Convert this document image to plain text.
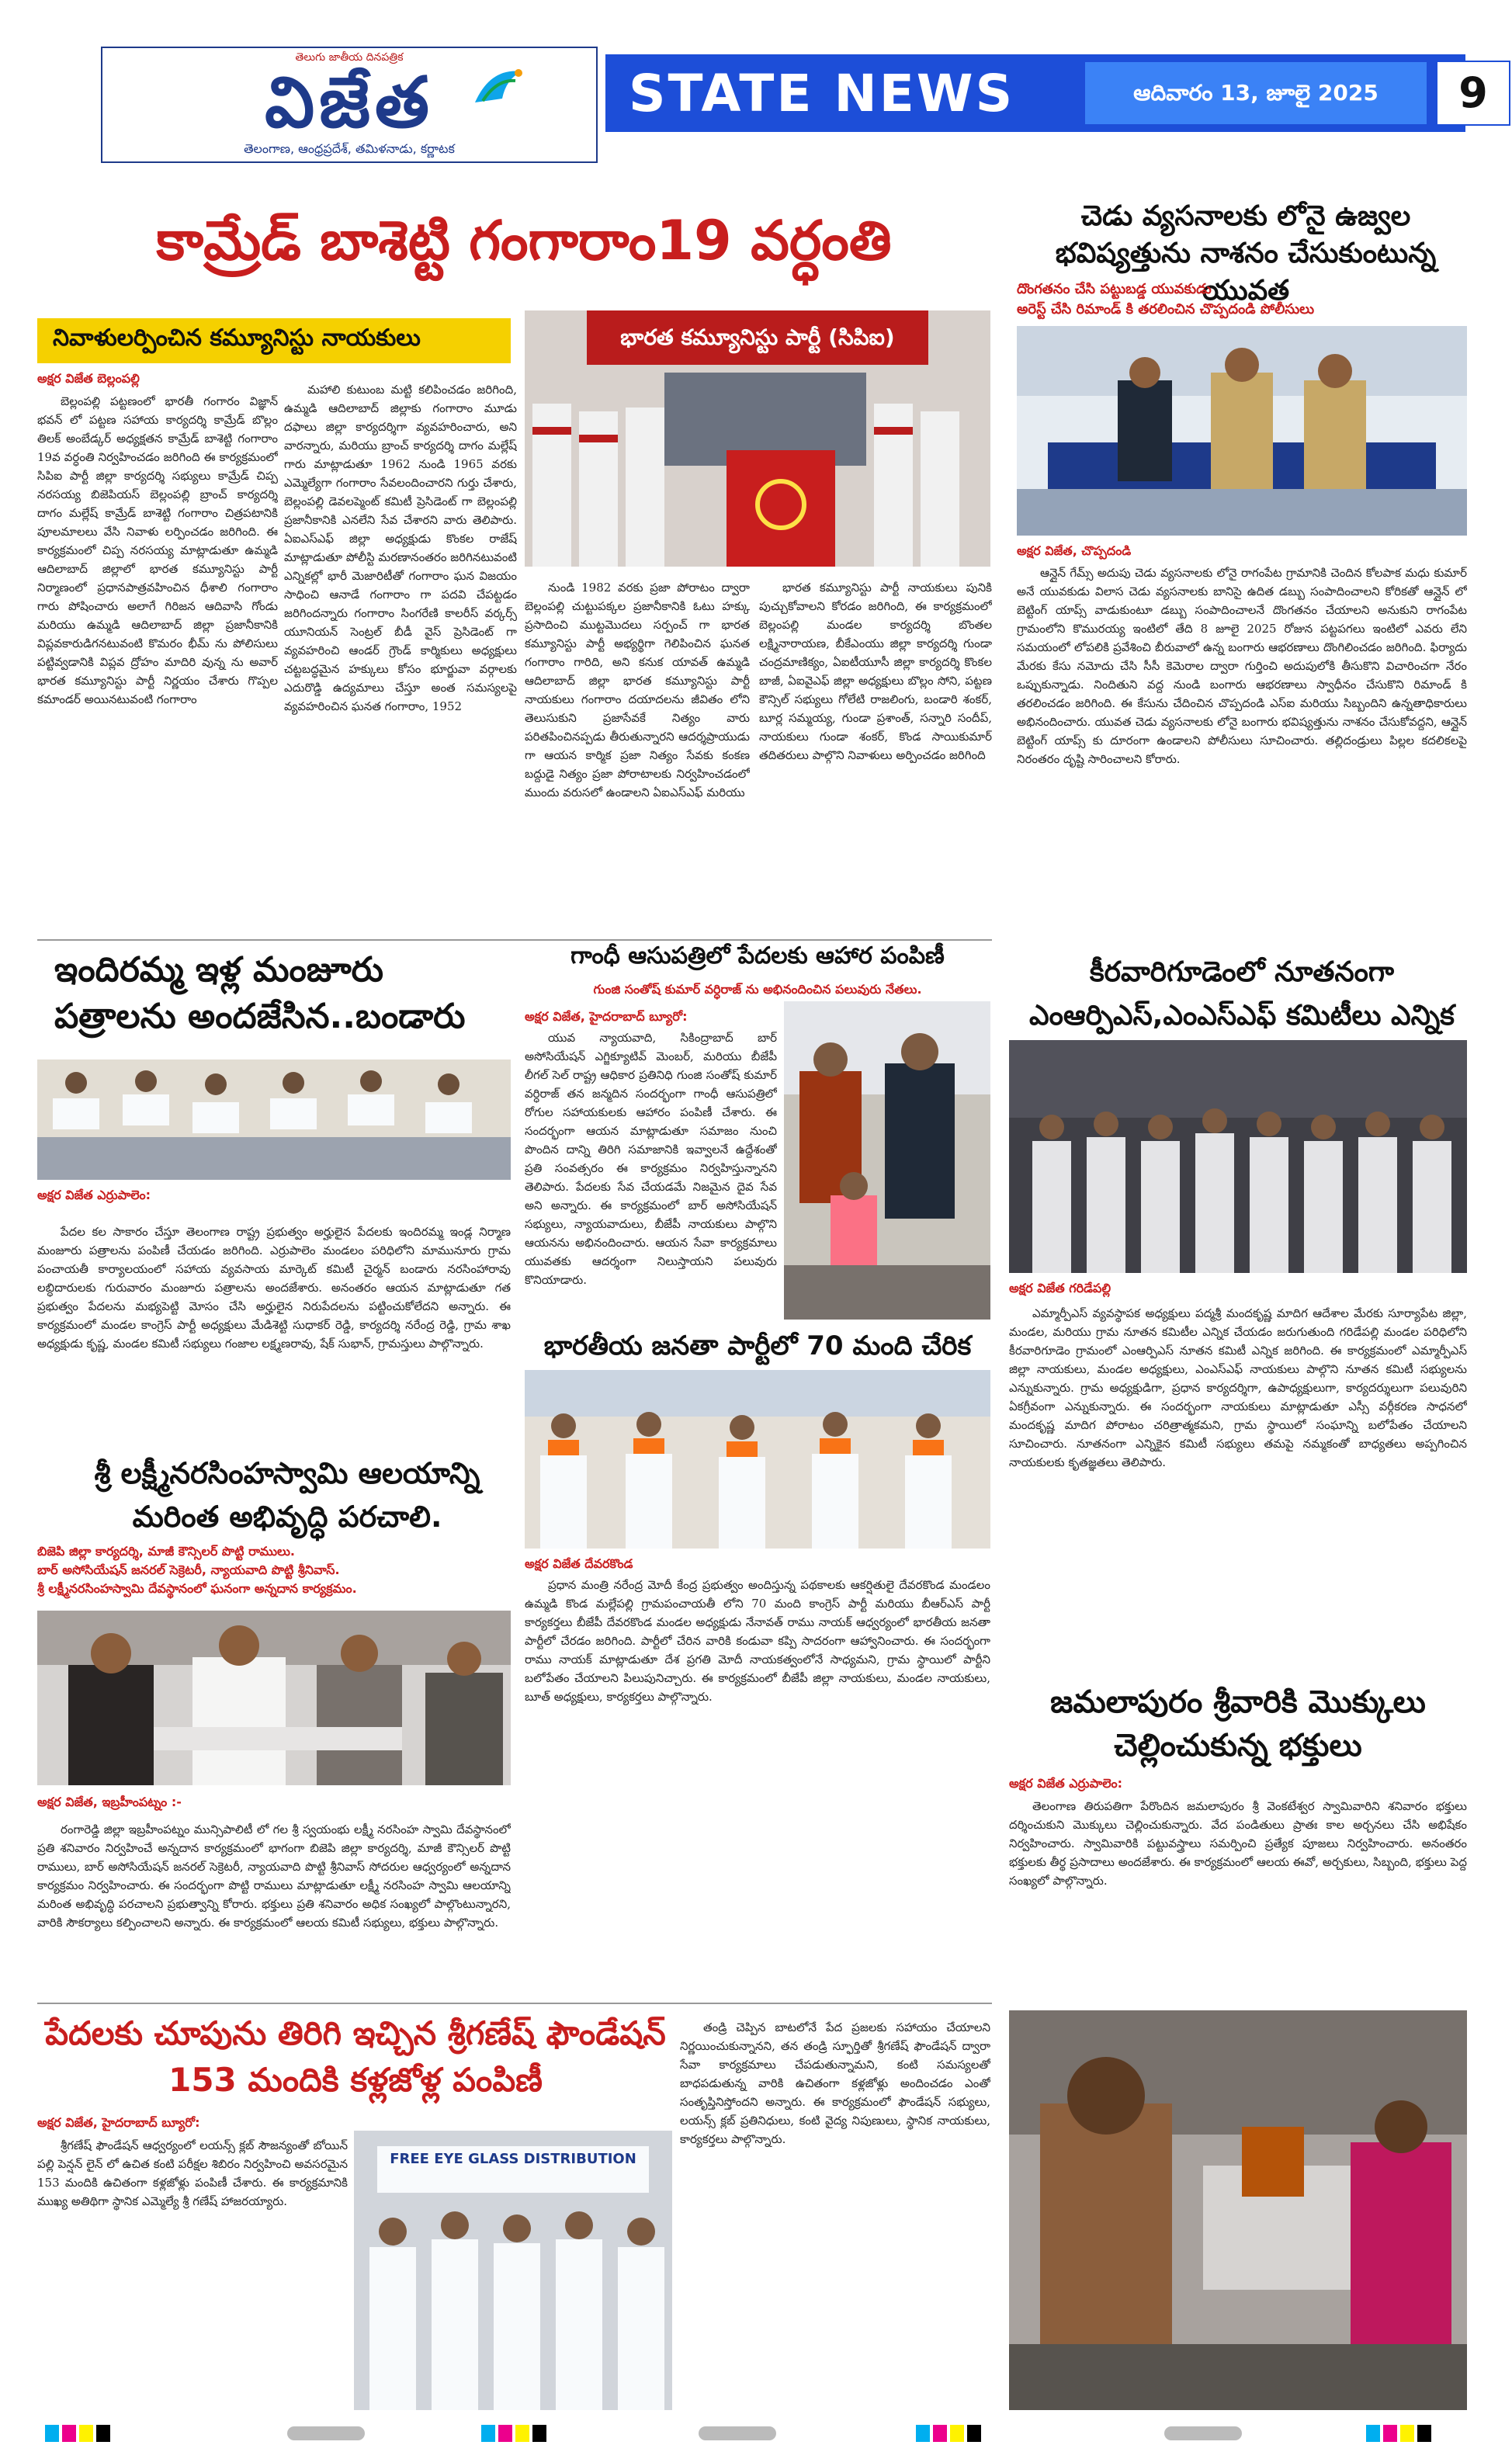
తెలుగు జాతీయ దినపత్రిక
విజేత
తెలంగాణ, ఆంధ్రప్రదేశ్, తమిళనాడు, కర్ణాటక
STATE NEWS	ఆదివారం 13, జూలై 2025	9
కామ్రేడ్ బాశెట్టి గంగారాం19 వర్ధంతి
నివాళులర్పించిన కమ్యూనిస్టు నాయకులు
అక్షర విజేత బెల్లంపల్లి

బెల్లంపల్లి పట్టణంలో భారతీ గంగారం విజ్ఞాన్ భవన్ లో పట్టణ సహాయ కార్యదర్శి కామ్రేడ్ బొల్లం తిలక్ అంబేడ్కర్ అధ్యక్షతన కామ్రేడ్ బాశెట్టి గంగారాం 19వ వర్ధంతి నిర్వహించడం జరిగింది ఈ కార్యక్రమంలో సిపిఐ పార్టీ జిల్లా కార్యదర్శి సభ్యులు కామ్రేడ్ చిప్ప నరసయ్య బిజెపియస్ బెల్లంపల్లి బ్రాంచ్ కార్యదర్శి దాగం మల్లేష్ కామ్రేడ్ బాశెట్టి గంగారాం చిత్రపటానికి పూలమాలలు వేసి నివాళు లర్పించడం జరిగింది. ఈ కార్యక్రమంలో చిప్ప నరసయ్య మాట్లాడుతూ ఉమ్మడి ఆదిలాబాద్ జిల్లాలో భారత కమ్యూనిస్టు పార్టీ నిర్మాణంలో ప్రధానపాత్రవహించిన ధీశాలి గంగారాం గారు పోషించారు అలాగే గిరిజన ఆదివాసి గోండు మరియు ఉమ్మడి ఆదిలాబాద్ జిల్లా ప్రజానీకానికి విప్లవకారుడిగనటువంటి కొమరం భీమ్ ను పోలిసులు పట్టివ్వడానికి విప్లవ ద్రోహం మాదిరి వున్న ను అవార్ భారత కమ్యూనిస్టు పార్టీ నిర్ణయం చేశారు గొప్పల కమాండర్ అయినటువంటి గంగారాం

మహాలి కుటుంబ మట్టి కలిపించడం జరిగింది, ఉమ్మడి ఆదిలాబాద్ జిల్లాకు గంగారాం మూడు దఫాలు జిల్లా కార్యదర్శిగా వ్యవహరించారు, అని వారన్నారు, మరియు బ్రాంచ్ కార్యదర్శి దాగం మల్లేష్ గారు మాట్లాడుతూ 1962 నుండి 1965 వరకు ఎమ్మెల్యేగా గంగారాం సేవలందించారని గుర్తు చేశారు, బెల్లంపల్లి డెవలప్మెంట్ కమిటీ ప్రెసిడెంట్ గా బెల్లంపల్లి ప్రజానీకానికి ఎనలేని సేవ చేశారని వారు తెలిపారు. ఏఐఎస్ఎఫ్ జిల్లా అధ్యక్షుడు కొంకల రాజేష్ మాట్లాడుతూ పోలీస్టి మరణానంతరం జరిగినటువంటి ఎన్నికల్లో భారీ మెజారిటీతో గంగారాం ఘన విజయం సాధించి ఆనాడే గంగారాం గా పదవి చేపట్టడం జరిగిందన్నారు గంగారాం సింగరేణి కాలరీస్ వర్కర్స్ యూనియన్ సెంట్రల్ బీడీ వైస్ ప్రెసిడెంట్ గా వ్యవహరించి ఆండర్ గ్రౌండ్ కార్మికులు అధ్యక్షులు చట్టబద్ధమైన హక్కులు కోసం భూర్జువా వర్గాలకు ఎదురొడ్డి ఉద్యమాలు చేస్తూ అంత సమస్యలపై వ్యవహరించిన ఘనత గంగారాం, 1952

భారత కమ్యూనిస్టు పార్టీ (సిపిఐ)

నుండి 1982 వరకు ప్రజా పోరాటం ద్వారా బెల్లంపల్లి చుట్టుపక్కల ప్రజానీకానికి ఓటు హక్కు ప్రసాదించి ముట్టమొదలు సర్పంచ్ గా భారత కమ్యూనిస్టు పార్టీ అభ్యర్థిగా గెలిపించిన ఘనత గంగారాం గారిది, అని కనుక యావత్ ఉమ్మడి ఆదిలాబాద్ జిల్లా భారత కమ్యూనిస్టు పార్టీ నాయకులు గంగారాం దయాదలను జీవితం లోని తెలుసుకుని ప్రజాసేవకే నిత్యం వారు పరితపించినప్పడు తీరుతున్నారని ఆదర్శప్రాయుడు గా ఆయన కార్మిక ప్రజా నిత్యం సేవకు కంకణ బద్దుడై నిత్యం ప్రజా పోరాటాలకు నిర్వహించడంలో ముందు వరుసలో ఉండాలని ఏఐఎస్ఎఫ్ మరియు

భారత కమ్యూనిస్టు పార్టీ నాయకులు పునికి పుచ్చుకోవాలని కోరడం జరిగింది, ఈ కార్యక్రమంలో బెల్లంపల్లి మండల కార్యదర్శి బొంతల లక్ష్మినారాయణ, బీకేఎంయు జిల్లా కార్యదర్శి గుండా చంద్రమాణిక్యం, ఏఐటీయూసీ జిల్లా కార్యదర్శి కొంకల బాజీ, ఏఐవైఎఫ్ జిల్లా అధ్యక్షులు బొల్లం సోని, పట్టణ కౌన్సిల్ సభ్యులు గోలేటి రాజలింగు, బండారి శంకర్, బూర్ల సమ్మయ్య, గుండా ప్రశాంత్, సన్నారి సందీప్, నాయకులు గుండా శంకర్, కొండ సాయికుమార్ తదితరులు పాల్గొని నివాళులు అర్పించడం జరిగింది

చెడు వ్యసనాలకు లోనై ఉజ్వల భవిష్యత్తును నాశనం చేసుకుంటున్న యువత
దొంగతనం చేసి పట్టుబడ్డ యువకుడు
అరెస్ట్ చేసి రిమాండ్ కి తరలించిన చొప్పదండి పోలీసులు
అక్షర విజేత, చొప్పదండి

ఆన్లైన్ గేమ్స్ అదుపు చెడు వ్యసనాలకు లోనై రాగంపేట గ్రామానికి చెందిన కోలపాక మధు కుమార్ అనే యువకుడు విలాస చెడు వ్యసనాలకు బానిసై ఉదిత డబ్బు సంపాదించాలని కోరికతో ఆన్లైన్ లో బెట్టింగ్ యాప్స్ వాడుకుంటూ డబ్బు సంపాదించాలనే దొంగతనం చేయాలని అనుకుని రాగంపేట గ్రామంలోని కొమురయ్య ఇంటిలో తేది 8 జూలై 2025 రోజున పట్టపగలు ఇంటిలో ఎవరు లేని సమయంలో లోపలికి ప్రవేశించి బీరువాలో ఉన్న బంగారు ఆభరణాలు దొంగిలించడం జరిగింది. ఫిర్యాదు మేరకు కేసు నమోదు చేసి సీసీ కెమెరాల ద్వారా గుర్తించి అదుపులోకి తీసుకొని విచారించగా నేరం ఒప్పుకున్నాడు. నిందితుని వద్ద నుండి బంగారు ఆభరణాలు స్వాధీనం చేసుకొని రిమాండ్ కి తరలించడం జరిగింది. ఈ కేసును చేదించిన చొప్పదండి ఎస్ఐ మరియు సిబ్బందిని ఉన్నతాధికారులు అభినందించారు. యువత చెడు వ్యసనాలకు లోనై బంగారు భవిష్యత్తును నాశనం చేసుకోవద్దని, ఆన్లైన్ బెట్టింగ్ యాప్స్ కు దూరంగా ఉండాలని పోలీసులు సూచించారు. తల్లిదండ్రులు పిల్లల కదలికలపై నిరంతరం దృష్టి సారించాలని కోరారు.

ఇందిరమ్మ ఇళ్ల మంజూరు పత్రాలను అందజేసిన..బండారు
అక్షర విజేత ఎర్రుపాలెం:

పేదల కల సాకారం చేస్తూ తెలంగాణ రాష్ట్ర ప్రభుత్వం అర్హులైన పేదలకు ఇందిరమ్మ ఇండ్ల నిర్మాణ మంజూరు పత్రాలను పంపిణీ చేయడం జరిగింది. ఎర్రుపాలెం మండలం పరిధిలోని మామునూరు గ్రామ పంచాయతీ కార్యాలయంలో సహాయ వ్యవసాయ మార్కెట్ కమిటీ చైర్మన్ బండారు నరసింహారావు లబ్ధిదారులకు గురువారం మంజూరు పత్రాలను అందజేశారు. అనంతరం ఆయన మాట్లాడుతూ గత ప్రభుత్వం పేదలను మభ్యపెట్టి మోసం చేసి అర్హులైన నిరుపేదలను పట్టించుకోలేదని అన్నారు. ఈ కార్యక్రమంలో మండల కాంగ్రెస్ పార్టీ అధ్యక్షులు మేడిశెట్టి సుధాకర్ రెడ్డి, కార్యదర్శి నరేంద్ర రెడ్డి, గ్రామ శాఖ అధ్యక్షుడు కృష్ణ, మండల కమిటీ సభ్యులు గంజాల లక్ష్మణరావు, షేక్ సుభాన్, గ్రామస్తులు పాల్గొన్నారు.

శ్రీ లక్ష్మీనరసింహస్వామి ఆలయాన్ని మరింత అభివృద్ధి పరచాలి.
బిజెపి జిల్లా కార్యదర్శి, మాజీ కౌన్సిలర్ పొట్టి రాములు.
బార్ అసోసియేషన్ జనరల్ సెక్రెటరీ, న్యాయవాది పొట్టి శ్రీనివాస్.
శ్రీ లక్ష్మీనరసింహస్వామి దేవస్థానంలో ఘనంగా అన్నదాన కార్యక్రమం.
అక్షర విజేత, ఇబ్రహీంపట్నం :-

రంగారెడ్డి జిల్లా ఇబ్రహీంపట్నం మున్సిపాలిటీ లో గల శ్రీ స్వయంభు లక్ష్మీ నరసింహ స్వామి దేవస్థానంలో ప్రతి శనివారం నిర్వహించే అన్నదాన కార్యక్రమంలో భాగంగా బిజెపి జిల్లా కార్యదర్శి, మాజీ కౌన్సిలర్ పొట్టి రాములు, బార్ అసోసియేషన్ జనరల్ సెక్రెటరీ, న్యాయవాది పొట్టి శ్రీనివాస్ సోదరుల ఆధ్వర్యంలో అన్నదాన కార్యక్రమం నిర్వహించారు. ఈ సందర్భంగా పొట్టి రాములు మాట్లాడుతూ లక్ష్మీ నరసింహ స్వామి ఆలయాన్ని మరింత అభివృద్ధి పరచాలని ప్రభుత్వాన్ని కోరారు. భక్తులు ప్రతి శనివారం అధిక సంఖ్యలో పాల్గొంటున్నారని, వారికి సౌకర్యాలు కల్పించాలని అన్నారు. ఈ కార్యక్రమంలో ఆలయ కమిటీ సభ్యులు, భక్తులు పాల్గొన్నారు.

గాంధీ ఆసుపత్రిలో పేదలకు ఆహార పంపిణీ
గుంజి సంతోష్ కుమార్ వర్ధిరాజ్ ను అభినందించిన పలువురు నేతలు.
అక్షర విజేత, హైదరాబాద్ బ్యూరో:

యువ న్యాయవాది, సికింద్రాబాద్ బార్ అసోసియేషన్ ఎగ్జిక్యూటివ్ మెంబర్, మరియు బీజేపీ లీగల్ సెల్ రాష్ట్ర ఆధికార ప్రతినిధి గుంజి సంతోష్ కుమార్ వర్ధిరాజ్ తన జన్మదిన సందర్భంగా గాంధీ ఆసుపత్రిలో రోగుల సహాయకులకు ఆహారం పంపిణీ చేశారు. ఈ సందర్భంగా ఆయన మాట్లాడుతూ సమాజం నుంచి పొందిన దాన్ని తిరిగి సమాజానికి ఇవ్వాలనే ఉద్దేశంతో ప్రతి సంవత్సరం ఈ కార్యక్రమం నిర్వహిస్తున్నానని తెలిపారు. పేదలకు సేవ చేయడమే నిజమైన దైవ సేవ అని అన్నారు. ఈ కార్యక్రమంలో బార్ అసోసియేషన్ సభ్యులు, న్యాయవాదులు, బీజేపీ నాయకులు పాల్గొని ఆయనను అభినందించారు. ఆయన సేవా కార్యక్రమాలు యువతకు ఆదర్శంగా నిలుస్తాయని పలువురు కొనియాడారు.

భారతీయ జనతా పార్టీలో 70 మంది చేరిక
అక్షర విజేత దేవరకొండ

ప్రధాన మంత్రి నరేంద్ర మోదీ కేంద్ర ప్రభుత్వం అందిస్తున్న పథకాలకు ఆకర్షితులై దేవరకొండ మండలం ఉమ్మడి కొండ మల్లేపల్లి గ్రామపంచాయతీ లోని 70 మంది కాంగ్రెస్ పార్టీ మరియు బీఆర్ఎస్ పార్టీ కార్యకర్తలు బీజేపీ దేవరకొండ మండల అధ్యక్షుడు నేనావత్ రాము నాయక్ ఆధ్వర్యంలో భారతీయ జనతా పార్టీలో చేరడం జరిగింది. పార్టీలో చేరిన వారికి కండువా కప్పి సాదరంగా ఆహ్వానించారు. ఈ సందర్భంగా రాము నాయక్ మాట్లాడుతూ దేశ ప్రగతి మోదీ నాయకత్వంలోనే సాధ్యమని, గ్రామ స్థాయిలో పార్టీని బలోపేతం చేయాలని పిలుపునిచ్చారు. ఈ కార్యక్రమంలో బీజేపీ జిల్లా నాయకులు, మండల నాయకులు, బూత్ అధ్యక్షులు, కార్యకర్తలు పాల్గొన్నారు.

పేదలకు చూపును తిరిగి ఇచ్చిన శ్రీగణేష్ ఫౌండేషన్ 153 మందికి కళ్లజోళ్ల పంపిణీ
అక్షర విజేత, హైదరాబాద్ బ్యూరో:

శ్రీగణేష్ ఫౌండేషన్ ఆధ్వర్యంలో లయన్స్ క్లబ్ సౌజన్యంతో బోయిన్ పల్లి పెన్షన్ లైన్ లో ఉచిత కంటి పరీక్షల శిబిరం నిర్వహించి అవసరమైన 153 మందికి ఉచితంగా కళ్లజోళ్లు పంపిణీ చేశారు. ఈ కార్యక్రమానికి ముఖ్య అతిథిగా స్థానిక ఎమ్మెల్యే శ్రీ గణేష్ హాజరయ్యారు.

FREE EYE GLASS DISTRIBUTION

తండ్రి చెప్పిన బాటలోనే పేద ప్రజలకు సహాయం చేయాలని నిర్ణయించుకున్నానని, తన తండ్రి స్ఫూర్తితో శ్రీగణేష్ ఫౌండేషన్ ద్వారా సేవా కార్యక్రమాలు చేపడుతున్నామని, కంటి సమస్యలతో బాధపడుతున్న వారికి ఉచితంగా కళ్లజోళ్లు అందించడం ఎంతో సంతృప్తినిస్తోందని అన్నారు. ఈ కార్యక్రమంలో ఫౌండేషన్ సభ్యులు, లయన్స్ క్లబ్ ప్రతినిధులు, కంటి వైద్య నిపుణులు, స్థానిక నాయకులు, కార్యకర్తలు పాల్గొన్నారు.

కీరవారిగూడెంలో నూతనంగా ఎంఆర్పిఎస్,ఎంఎస్ఎఫ్ కమిటీలు ఎన్నిక
అక్షర విజేత గరిడేపల్లి

ఎమ్మార్పీఎస్ వ్యవస్థాపక అధ్యక్షులు పద్మశ్రీ మందకృష్ణ మాదిగ ఆదేశాల మేరకు సూర్యాపేట జిల్లా, మండల, మరియు గ్రామ నూతన కమిటీల ఎన్నిక చేయడం జరుగుతుంది గరిడేపల్లి మండల పరిధిలోని కీరవారిగూడెం గ్రామంలో ఎంఆర్పిఎస్ నూతన కమిటీ ఎన్నిక జరిగింది. ఈ కార్యక్రమంలో ఎమ్మార్పీఎస్ జిల్లా నాయకులు, మండల అధ్యక్షులు, ఎంఎస్ఎఫ్ నాయకులు పాల్గొని నూతన కమిటీ సభ్యులను ఎన్నుకున్నారు. గ్రామ అధ్యక్షుడిగా, ప్రధాన కార్యదర్శిగా, ఉపాధ్యక్షులుగా, కార్యదర్శులుగా పలువురిని ఏకగ్రీవంగా ఎన్నుకున్నారు. ఈ సందర్భంగా నాయకులు మాట్లాడుతూ ఎస్సీ వర్గీకరణ సాధనలో మందకృష్ణ మాదిగ పోరాటం చరిత్రాత్మకమని, గ్రామ స్థాయిలో సంఘాన్ని బలోపేతం చేయాలని సూచించారు. నూతనంగా ఎన్నికైన కమిటీ సభ్యులు తమపై నమ్మకంతో బాధ్యతలు అప్పగించిన నాయకులకు కృతజ్ఞతలు తెలిపారు.

జమలాపురం శ్రీవారికి మొక్కులు చెల్లించుకున్న భక్తులు
అక్షర విజేత ఎర్రుపాలెం:

తెలంగాణ తిరుపతిగా పేరొందిన జమలాపురం శ్రీ వెంకటేశ్వర స్వామివారిని శనివారం భక్తులు దర్శించుకుని మొక్కులు చెల్లించుకున్నారు. వేద పండితులు ప్రాతః కాల అర్చనలు చేసి అభిషేకం నిర్వహించారు. స్వామివారికి పట్టువస్త్రాలు సమర్పించి ప్రత్యేక పూజలు నిర్వహించారు. అనంతరం భక్తులకు తీర్థ ప్రసాదాలు అందజేశారు. ఈ కార్యక్రమంలో ఆలయ ఈవో, అర్చకులు, సిబ్బంది, భక్తులు పెద్ద సంఖ్యలో పాల్గొన్నారు.
